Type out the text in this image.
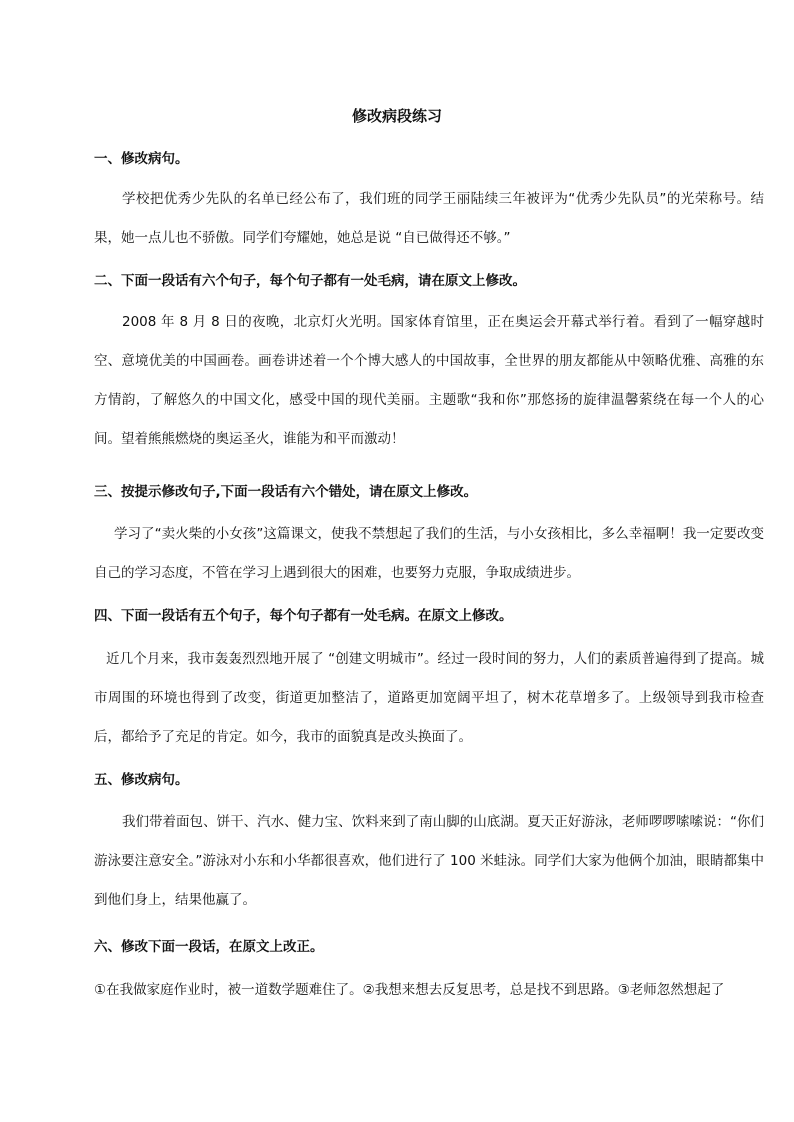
修改病段练习
一、修改病句。

学校把优秀少先队的名单已经公布了，我们班的同学王丽陆续三年被评为“优秀少先队员”的光荣称号。结果，她一点儿也不骄傲。同学们夸耀她，她总是说 “自已做得还不够。”

二、下面一段话有六个句子，每个句子都有一处毛病，请在原文上修改。

2008 年 8 月 8 日的夜晚，北京灯火光明。国家体育馆里，正在奥运会开幕式举行着。看到了一幅穿越时空、意境优美的中国画卷。画卷讲述着一个个博大感人的中国故事，全世界的朋友都能从中领略优雅、高雅的东方情韵，了解悠久的中国文化，感受中国的现代美丽。主题歌“我和你”那悠扬的旋律温馨萦绕在每一个人的心间。望着熊熊燃烧的奥运圣火，谁能为和平而激动！

三、按提示修改句子,下面一段话有六个错处，请在原文上修改。

学习了“卖火柴的小女孩”这篇课文，使我不禁想起了我们的生活，与小女孩相比，多么幸福啊！我一定要改变自己的学习态度，不管在学习上遇到很大的困难，也要努力克服，争取成绩进步。

四、下面一段话有五个句子，每个句子都有一处毛病。在原文上修改。

近几个月来，我市轰轰烈烈地开展了 “创建文明城市”。经过一段时间的努力，人们的素质普遍得到了提高。城市周围的环境也得到了改变，街道更加整洁了，道路更加宽阔平坦了，树木花草增多了。上级领导到我市检查后，都给予了充足的肯定。如今，我市的面貌真是改头换面了。

五、修改病句。

我们带着面包、饼干、汽水、健力宝、饮料来到了南山脚的山底湖。夏天正好游泳，老师啰啰嗦嗦说：“你们游泳要注意安全。”游泳对小东和小华都很喜欢，他们进行了 100 米蛙泳。同学们大家为他俩个加油，眼睛都集中到他们身上，结果他赢了。

六、修改下面一段话，在原文上改正。

①在我做家庭作业时，被一道数学题难住了。②我想来想去反复思考，总是找不到思路。③老师忽然想起了
